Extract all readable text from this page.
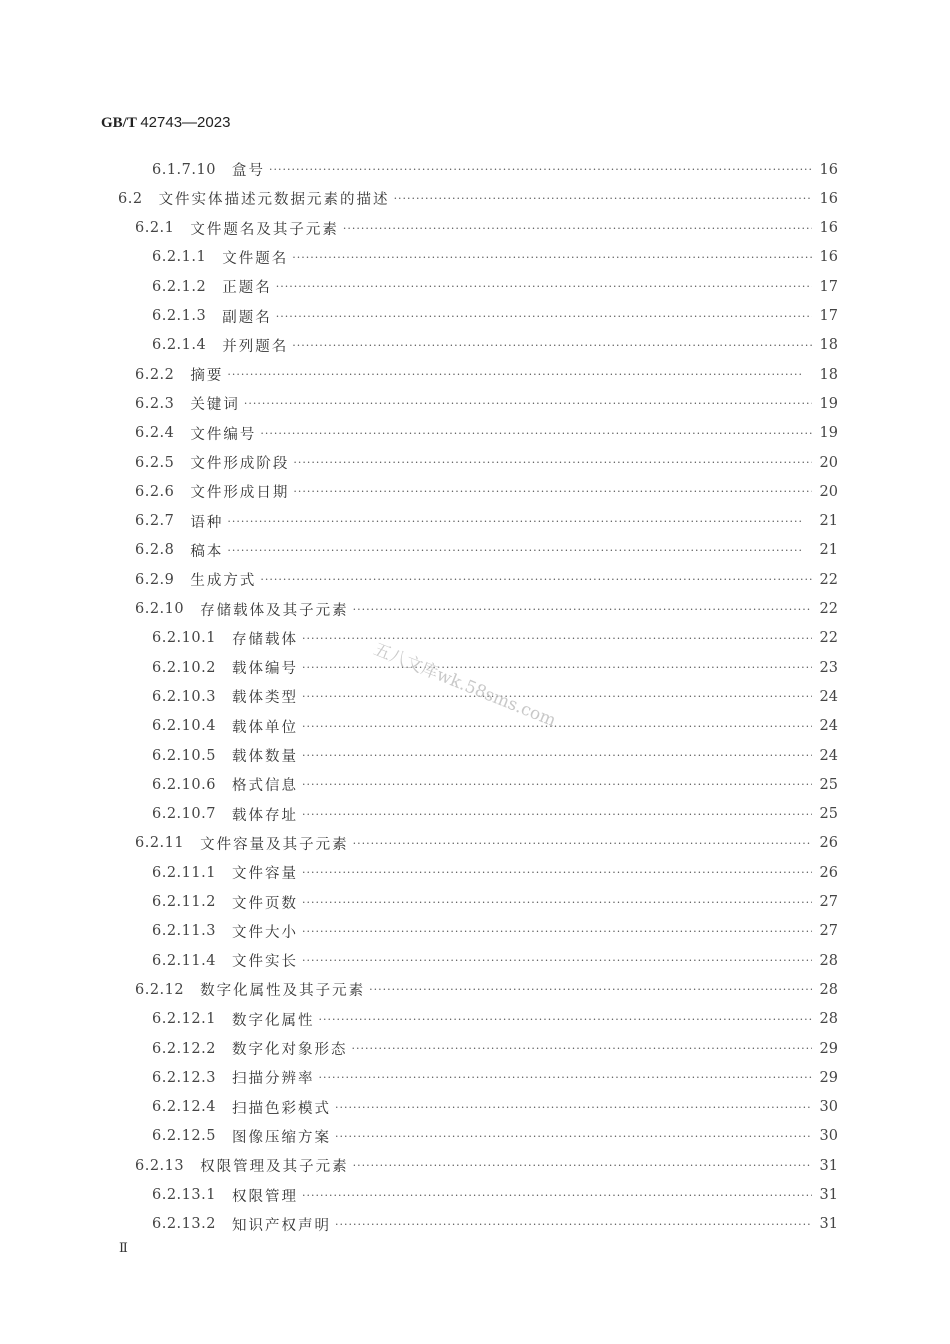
GB/T 42743—2023
6.1.7.10 盒号 ·····	16
6.2 文件实体描述元数据元素的描述 ·····	16
6.2.1 文件题名及其子元素 ·····	16
6.2.1.1 文件题名 ·····	16
6.2.1.2 正题名 ·····	17
6.2.1.3 副题名 ·····	17
6.2.1.4 并列题名 ·····	18
6.2.2 摘要 ·····	18
6.2.3 关键词 ·····	19
6.2.4 文件编号 ·····	19
6.2.5 文件形成阶段 ·····	20
6.2.6 文件形成日期 ·····	20
6.2.7 语种 ·····	21
6.2.8 稿本 ·····	21
6.2.9 生成方式 ·····	22
6.2.10 存储载体及其子元素 ·····	22
6.2.10.1 存储载体 ·····	22
6.2.10.2 载体编号 ·····	23
6.2.10.3 载体类型 ·····	24
6.2.10.4 载体单位 ·····	24
6.2.10.5 载体数量 ·····	24
6.2.10.6 格式信息 ·····	25
6.2.10.7 载体存址 ·····	25
6.2.11 文件容量及其子元素 ·····	26
6.2.11.1 文件容量 ·····	26
6.2.11.2 文件页数 ·····	27
6.2.11.3 文件大小 ·····	27
6.2.11.4 文件实长 ·····	28
6.2.12 数字化属性及其子元素 ·····	28
6.2.12.1 数字化属性 ·····	28
6.2.12.2 数字化对象形态 ·····	29
6.2.12.3 扫描分辨率 ·····	29
6.2.12.4 扫描色彩模式 ·····	30
6.2.12.5 图像压缩方案 ·····	30
6.2.13 权限管理及其子元素 ·····	31
6.2.13.1 权限管理 ·····	31
6.2.13.2 知识产权声明 ·····	31
五八文库wk.58sms.com
Ⅱ
